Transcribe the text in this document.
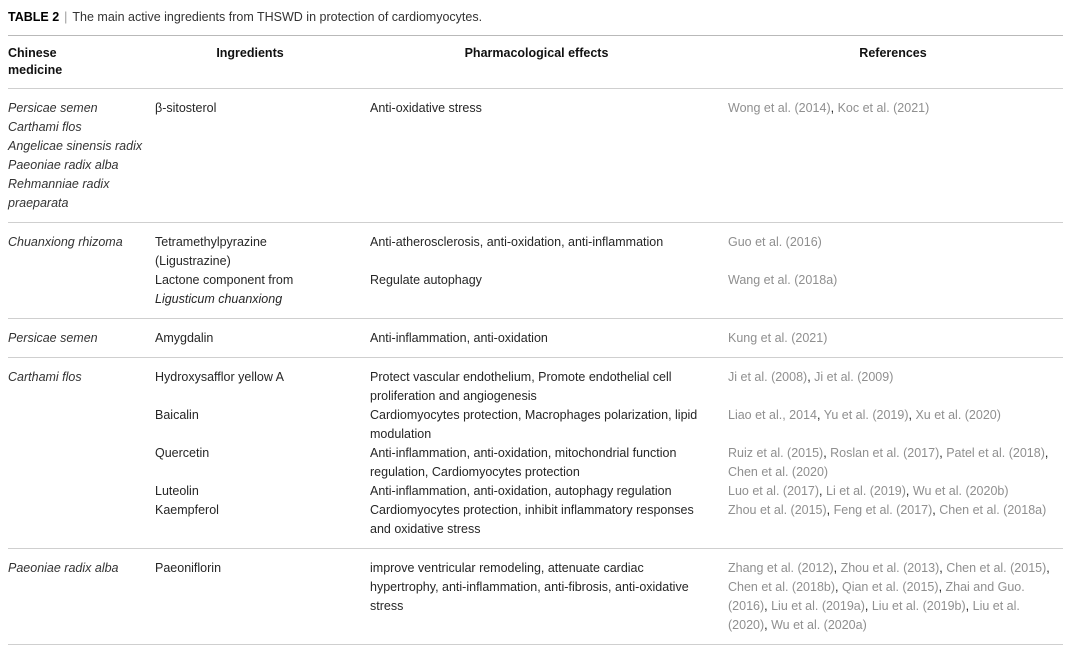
TABLE 2 | The main active ingredients from THSWD in protection of cardiomyocytes.
Chinese medicine	Ingredients	Pharmacological effects	References

Persicae semen
Carthami flos
Angelicae sinensis radix
Paeoniae radix alba
Rehmanniae radix praeparata	β-sitosterol	Anti-oxidative stress	Wong et al. (2014), Koc et al. (2021)

Chuanxiong rhizoma	Tetramethylpyrazine (Ligustrazine)	Anti-atherosclerosis, anti-oxidation, anti-inflammation	Guo et al. (2016)
	Lactone component from Ligusticum chuanxiong	Regulate autophagy	Wang et al. (2018a)

Persicae semen	Amygdalin	Anti-inflammation, anti-oxidation	Kung et al. (2021)

Carthami flos	Hydroxysafflor yellow A	Protect vascular endothelium, Promote endothelial cell proliferation and angiogenesis	Ji et al. (2008), Ji et al. (2009)
	Baicalin	Cardiomyocytes protection, Macrophages polarization, lipid modulation	Liao et al., 2014, Yu et al. (2019), Xu et al. (2020)
	Quercetin	Anti-inflammation, anti-oxidation, mitochondrial function regulation, Cardiomyocytes protection	Ruiz et al. (2015), Roslan et al. (2017), Patel et al. (2018), Chen et al. (2020)
	Luteolin	Anti-inflammation, anti-oxidation, autophagy regulation	Luo et al. (2017), Li et al. (2019), Wu et al. (2020b)
	Kaempferol	Cardiomyocytes protection, inhibit inflammatory responses and oxidative stress	Zhou et al. (2015), Feng et al. (2017), Chen et al. (2018a)

Paeoniae radix alba	Paeoniflorin	improve ventricular remodeling, attenuate cardiac hypertrophy, anti-inflammation, anti-fibrosis, anti-oxidative stress	Zhang et al. (2012), Zhou et al. (2013), Chen et al. (2015), Chen et al. (2018b), Qian et al. (2015), Zhai and Guo. (2016), Liu et al. (2019a), Liu et al. (2019b), Liu et al. (2020), Wu et al. (2020a)
